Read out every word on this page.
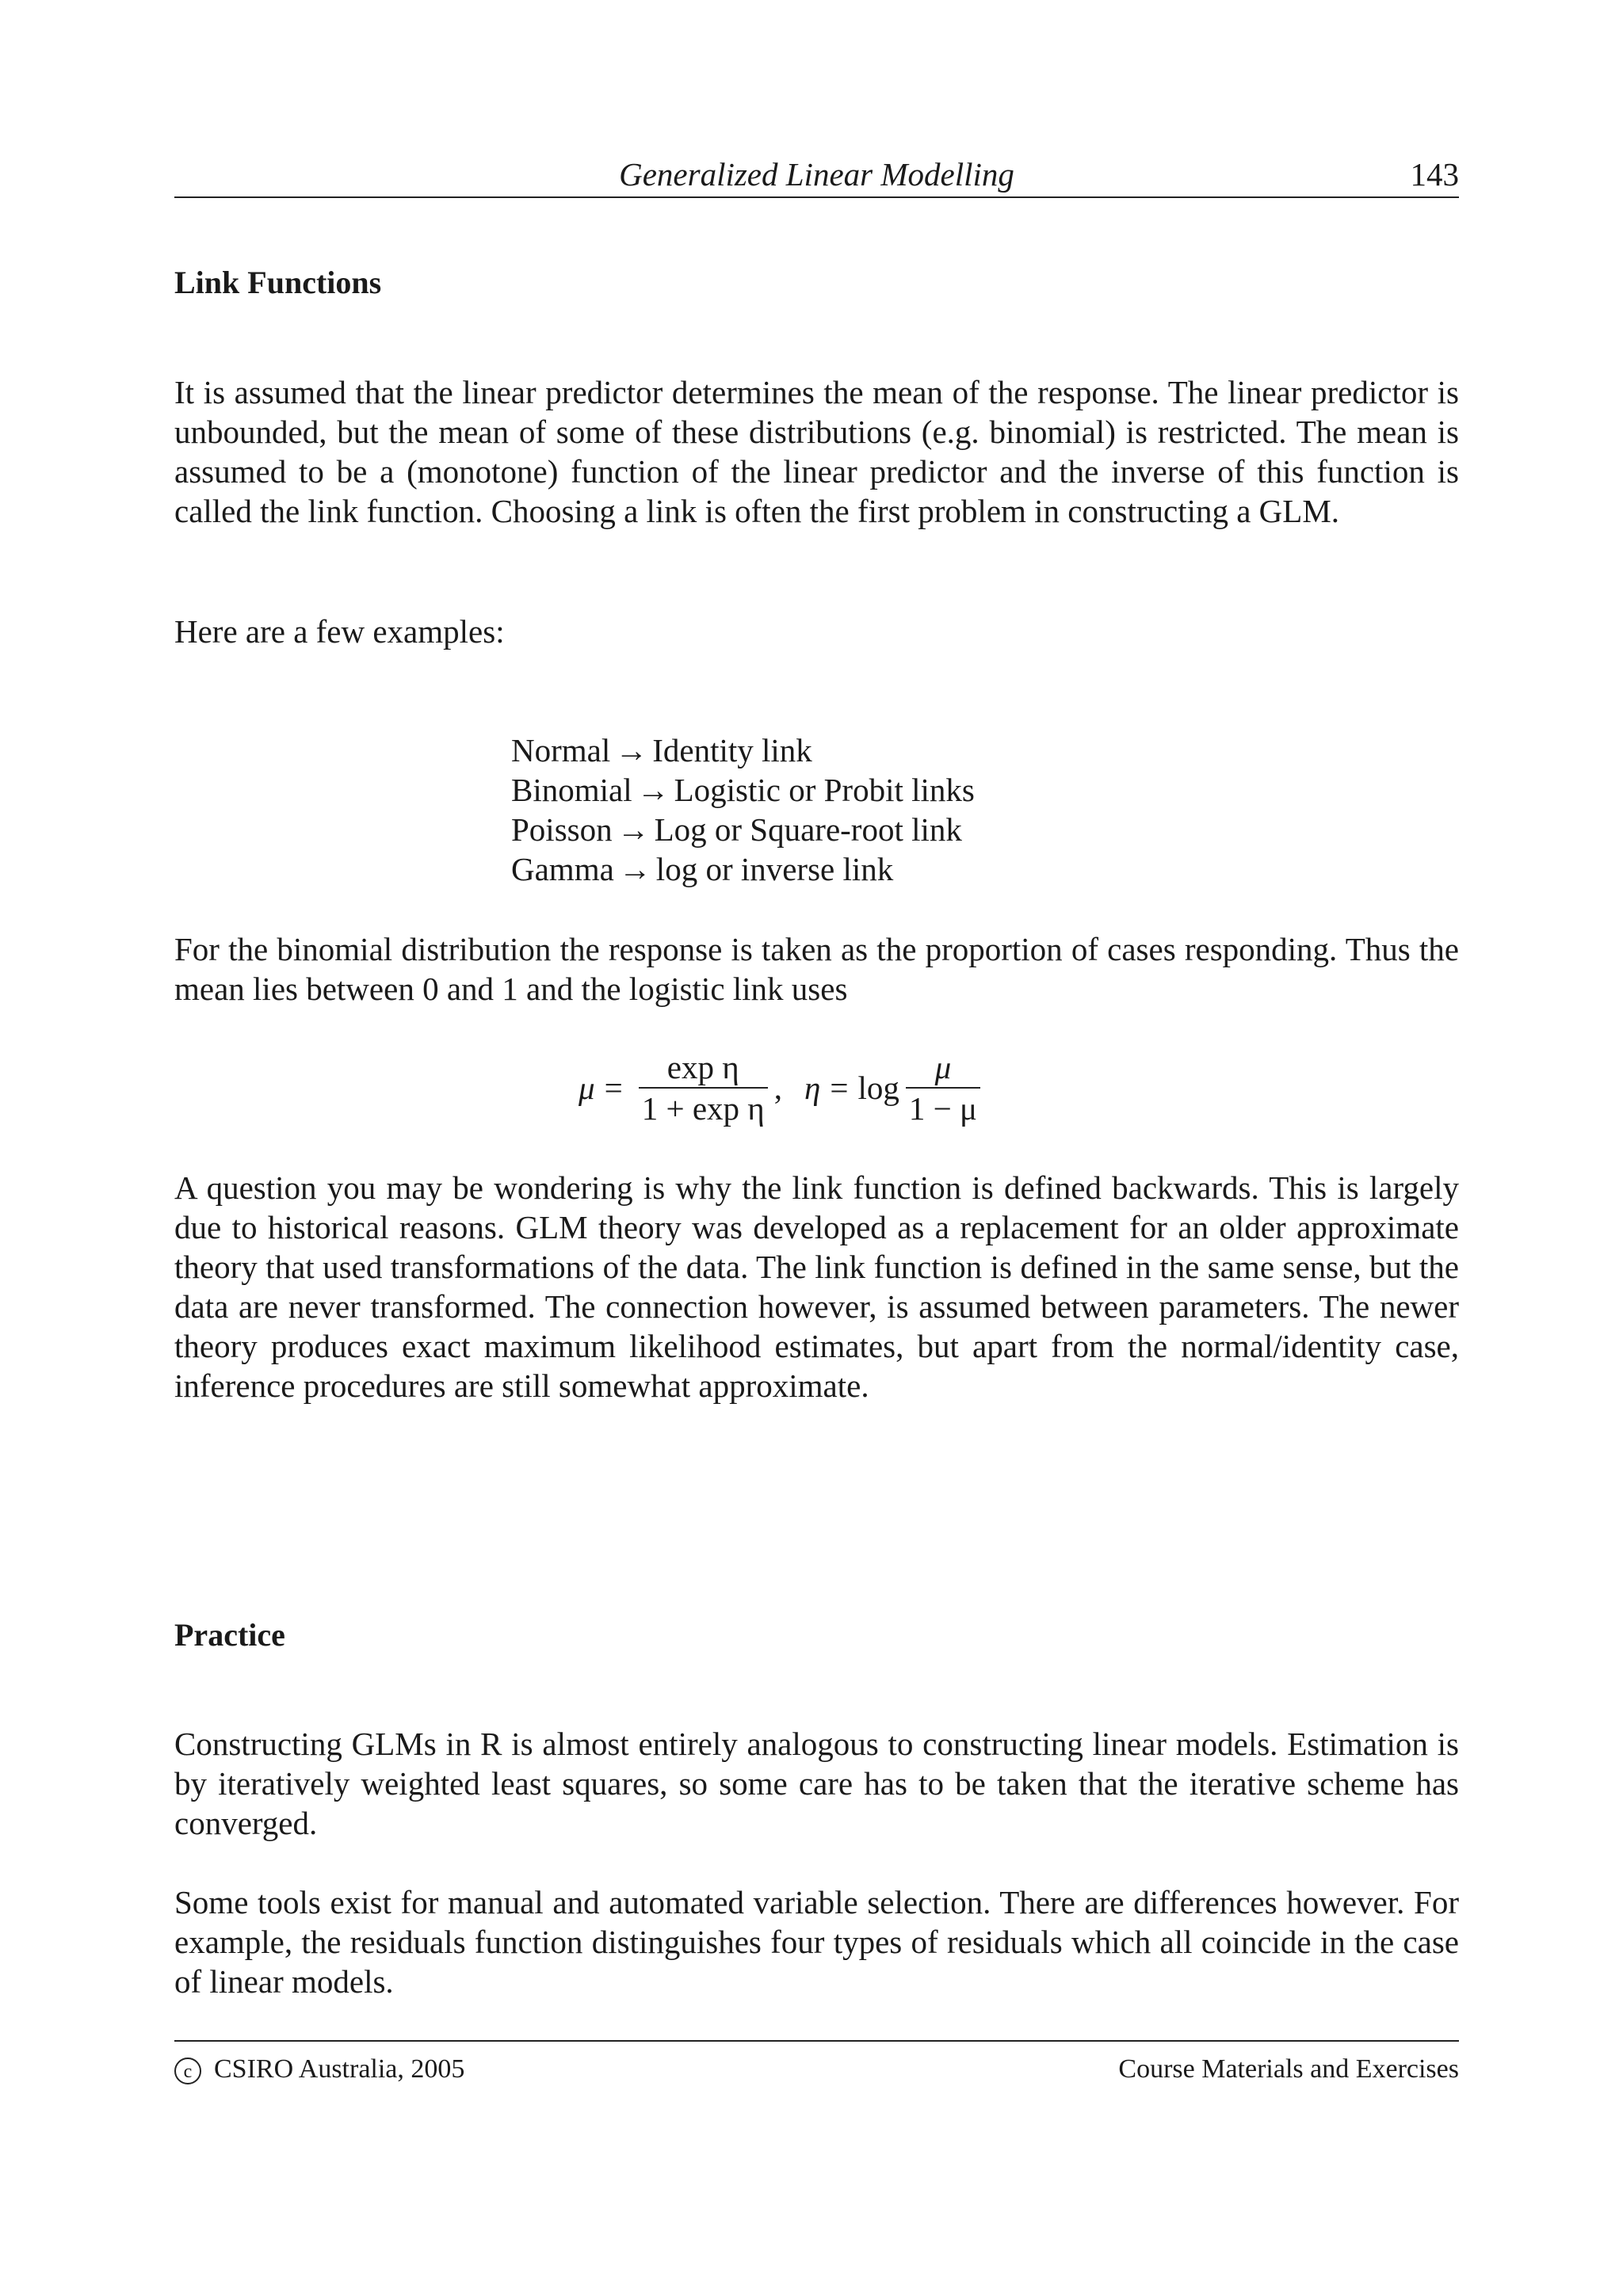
Generalized Linear Modelling	143
Link Functions
It is assumed that the linear predictor determines the mean of the response. The linear predictor is unbounded, but the mean of some of these distributions (e.g. binomial) is restricted. The mean is assumed to be a (monotone) function of the linear predictor and the inverse of this function is called the link function. Choosing a link is often the first problem in constructing a GLM.
Here are a few examples:
Normal → Identity link
Binomial → Logistic or Probit links
Poisson → Log or Square-root link
Gamma → log or inverse link
For the binomial distribution the response is taken as the proportion of cases responding. Thus the mean lies between 0 and 1 and the logistic link uses
$\mu = \frac{\text{exp η}}{\text{1 + exp η}}$ , $\eta = \log \frac{\mu}{1 - \mu}$
A question you may be wondering is why the link function is defined backwards. This is largely due to historical reasons. GLM theory was developed as a replacement for an older approximate theory that used transformations of the data. The link function is defined in the same sense, but the data are never transformed. The connection however, is assumed between parameters. The newer theory produces exact maximum likelihood estimates, but apart from the normal/identity case, inference procedures are still somewhat approximate.
Practice
Constructing GLMs in R is almost entirely analogous to constructing linear models. Estimation is by iteratively weighted least squares, so some care has to be taken that the iterative scheme has converged.
Some tools exist for manual and automated variable selection. There are differences however. For example, the residuals function distinguishes four types of residuals which all coincide in the case of linear models.
c CSIRO Australia, 2005	Course Materials and Exercises
